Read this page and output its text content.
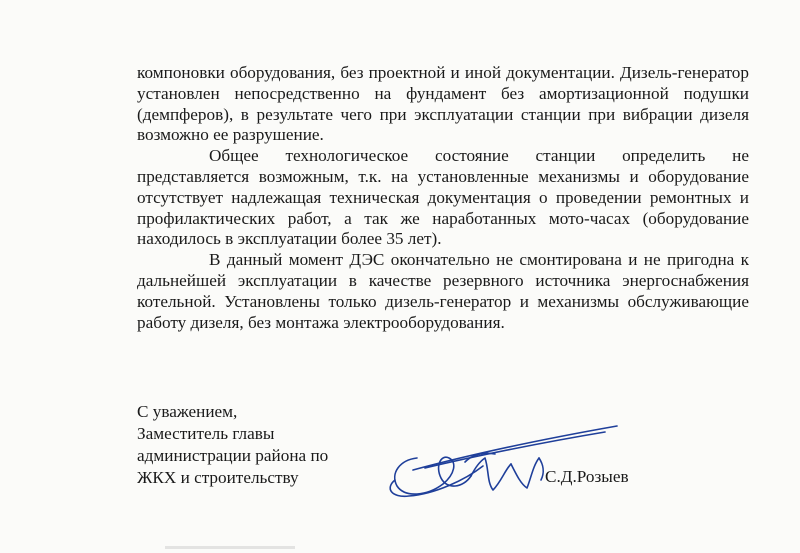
компоновки оборудования, без проектной и иной документации. Дизель-генератор установлен непосредственно на фундамент без амортизационной подушки (демпферов), в результате чего при эксплуатации станции при вибрации дизеля возможно ее разрушение.

Общее технологическое состояние станции определить не представляется возможным, т.к. на установленные механизмы и оборудование отсутствует надлежащая техническая документация о проведении ремонтных и профилактических работ, а так же наработанных мото-часах (оборудование находилось в эксплуатации более 35 лет).

В данный момент ДЭС окончательно не смонтирована и не пригодна к дальнейшей эксплуатации в качестве резервного источника энергоснабжения котельной. Установлены только дизель-генератор и механизмы обслуживающие работу дизеля, без монтажа электрооборудования.

С уважением,
Заместитель главы
администрации района по
ЖКХ и строительству	С.Д.Розыев
